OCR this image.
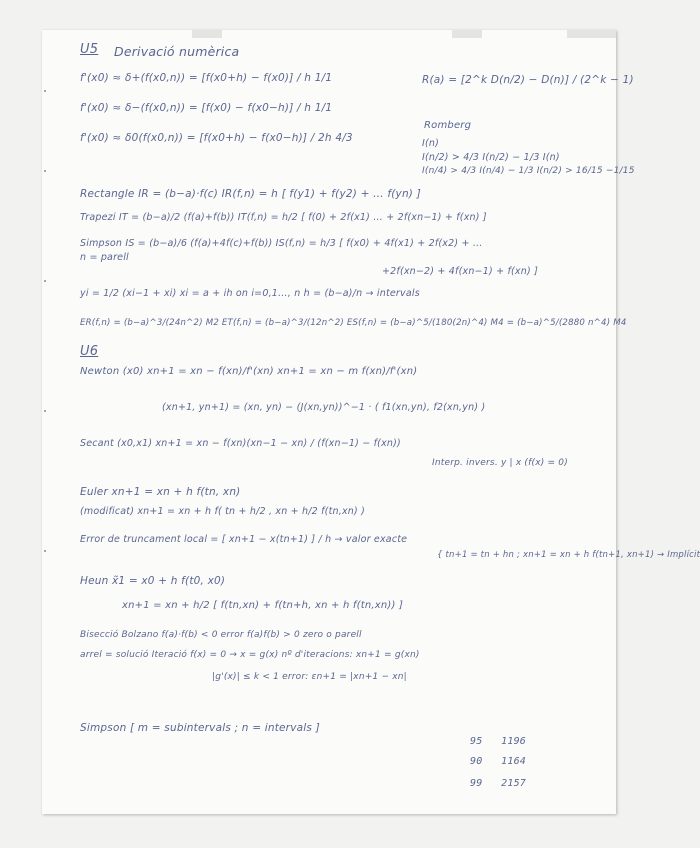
U5 Derivació numèrica
f'(x0) ≈ δ+(f(x0,n)) = [f(x0+h) − f(x0)] / h 1/1	R(a) = [2^k D(n/2) − D(n)] / (2^k − 1)
f'(x0) ≈ δ−(f(x0,n)) = [f(x0) − f(x0−h)] / h 1/1
f'(x0) ≈ δ0(f(x0,n)) = [f(x0+h) − f(x0−h)] / 2h 4/3
Romberg
I(n)
I(n/2) > 4/3 I(n/2) − 1/3 I(n)
I(n/4) > 4/3 I(n/4) − 1/3 I(n/2) > 16/15 −1/15
Rectangle IR = (b−a)·f(c) IR(f,n) = h [ f(y1) + f(y2) + … f(yn) ]
Trapezi IT = (b−a)/2 (f(a)+f(b)) IT(f,n) = h/2 [ f(0) + 2f(x1) … + 2f(xn−1) + f(xn) ]
Simpson IS = (b−a)/6 (f(a)+4f(c)+f(b)) IS(f,n) = h/3 [ f(x0) + 4f(x1) + 2f(x2) + …
n = parell
+2f(xn−2) + 4f(xn−1) + f(xn) ]
yi = 1/2 (xi−1 + xi) xi = a + ih on i=0,1…, n h = (b−a)/n → intervals
ER(f,n) = (b−a)^3/(24n^2) M2 ET(f,n) = (b−a)^3/(12n^2) ES(f,n) = (b−a)^5/(180(2n)^4) M4 = (b−a)^5/(2880 n^4) M4
U6
Newton (x0) xn+1 = xn − f(xn)/f'(xn) xn+1 = xn − m f(xn)/f'(xn)
(xn+1, yn+1) = (xn, yn) − (J(xn,yn))^−1 · ( f1(xn,yn), f2(xn,yn) )
Secant (x0,x1) xn+1 = xn − f(xn)(xn−1 − xn) / (f(xn−1) − f(xn))
Interp. invers. y | x (f(x) = 0)
Euler xn+1 = xn + h f(tn, xn)
(modificat) xn+1 = xn + h f( tn + h/2 , xn + h/2 f(tn,xn) )
Error de truncament local = [ xn+1 − x(tn+1) ] / h → valor exacte
{ tn+1 = tn + hn ; xn+1 = xn + h f(tn+1, xn+1) → Implícit
Heun x̃1 = x0 + h f(t0, x0)
xn+1 = xn + h/2 [ f(tn,xn) + f(tn+h, xn + h f(tn,xn)) ]
Bisecció Bolzano f(a)·f(b) < 0 error f(a)f(b) > 0 zero o parell
arrel = solució Iteració f(x) = 0 → x = g(x) nº d'iteracions: xn+1 = g(xn)
|g'(x)| ≤ k < 1 error: εn+1 = |xn+1 − xn|
Simpson [ m = subintervals ; n = intervals ]
95 1196
90 1164
99 2157
